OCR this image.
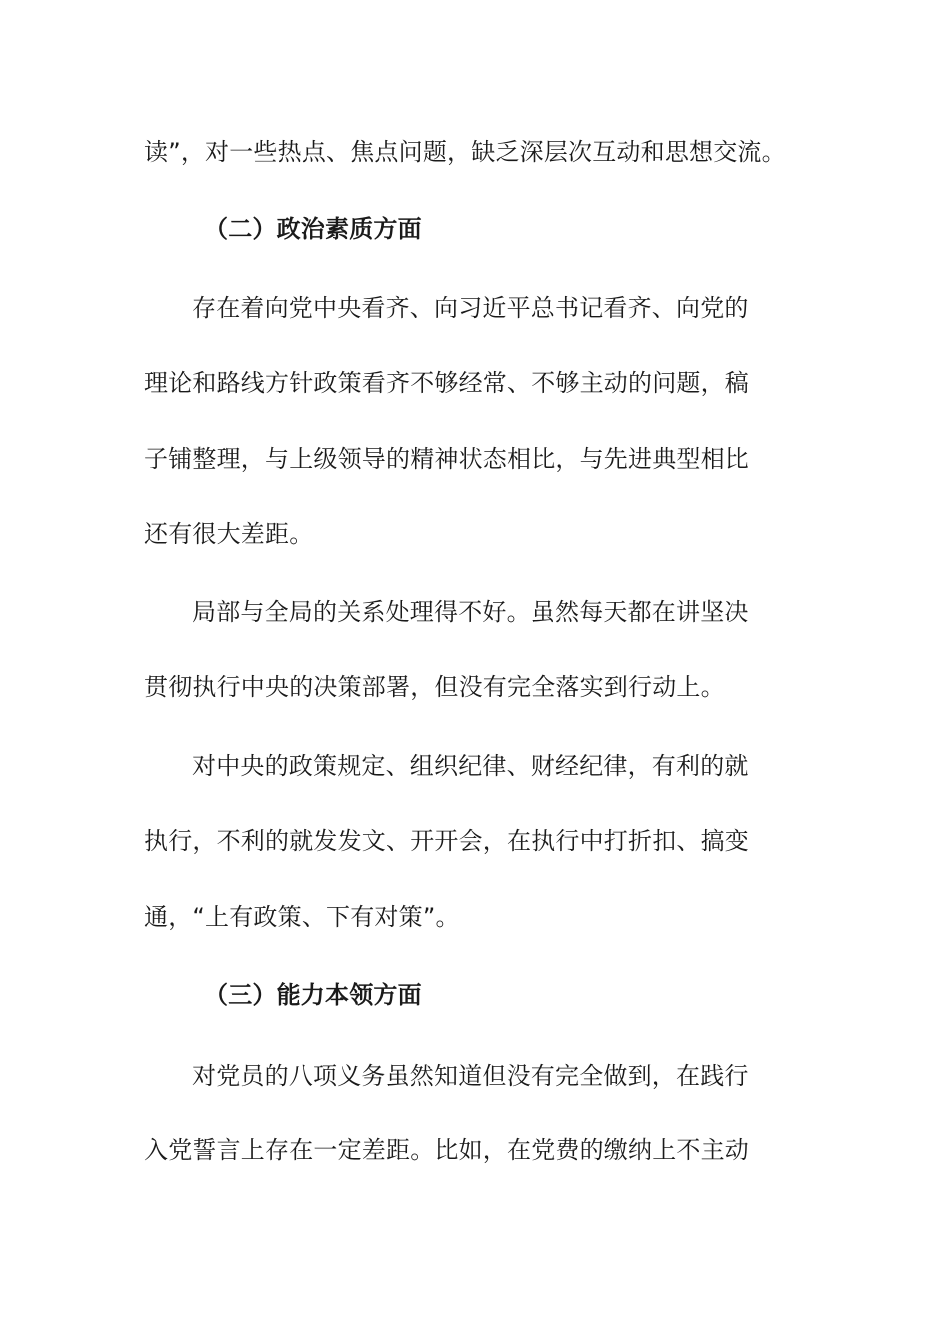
读”，对一些热点、焦点问题，缺乏深层次互动和思想交流。
（二）政治素质方面
存在着向党中央看齐、向习近平总书记看齐、向党的
理论和路线方针政策看齐不够经常、不够主动的问题，稿
子铺整理，与上级领导的精神状态相比，与先进典型相比
还有很大差距。
局部与全局的关系处理得不好。虽然每天都在讲坚决
贯彻执行中央的决策部署，但没有完全落实到行动上。
对中央的政策规定、组织纪律、财经纪律，有利的就
执行，不利的就发发文、开开会，在执行中打折扣、搞变
通，“上有政策、下有对策”。
（三）能力本领方面
对党员的八项义务虽然知道但没有完全做到，在践行
入党誓言上存在一定差距。比如，在党费的缴纳上不主动
